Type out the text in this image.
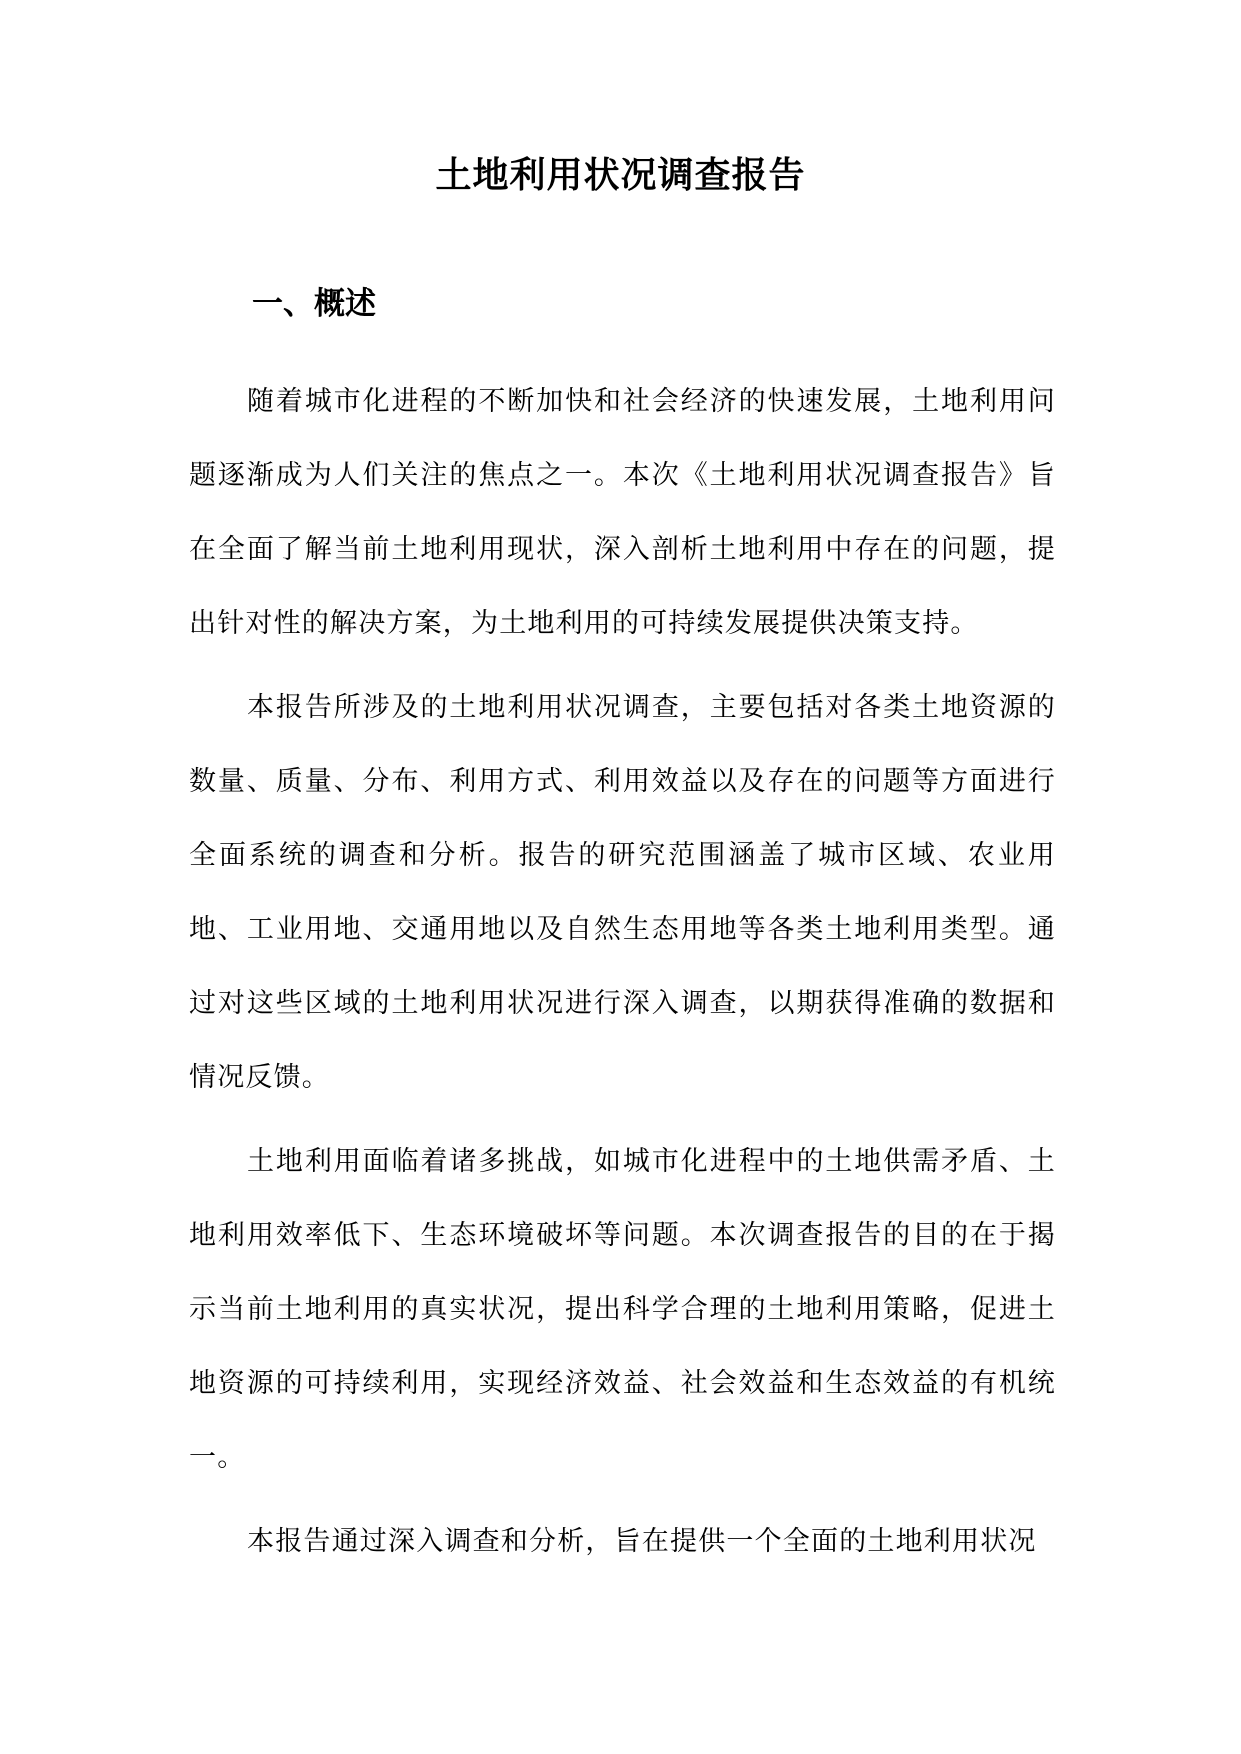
土地利用状况调查报告
一、概述

随着城市化进程的不断加快和社会经济的快速发展，土地利用问题逐渐成为人们关注的焦点之一。本次《土地利用状况调查报告》旨在全面了解当前土地利用现状，深入剖析土地利用中存在的问题，提出针对性的解决方案，为土地利用的可持续发展提供决策支持。

本报告所涉及的土地利用状况调查，主要包括对各类土地资源的数量、质量、分布、利用方式、利用效益以及存在的问题等方面进行全面系统的调查和分析。报告的研究范围涵盖了城市区域、农业用地、工业用地、交通用地以及自然生态用地等各类土地利用类型。通过对这些区域的土地利用状况进行深入调查，以期获得准确的数据和情况反馈。

土地利用面临着诸多挑战，如城市化进程中的土地供需矛盾、土地利用效率低下、生态环境破坏等问题。本次调查报告的目的在于揭示当前土地利用的真实状况，提出科学合理的土地利用策略，促进土地资源的可持续利用，实现经济效益、社会效益和生态效益的有机统一。

本报告通过深入调查和分析，旨在提供一个全面的土地利用状况
